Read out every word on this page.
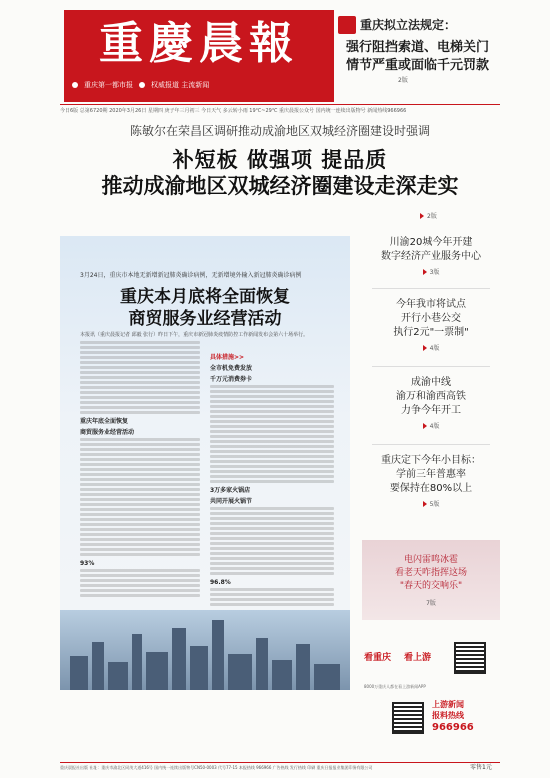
重慶晨報
重庆第一都市报	权威报道 主流新闻
重庆拟立法规定：
强行阻挡索道、电梯关门
情节严重或面临千元罚款
2版
今日6版 总第6720期 2020年3月26日 星期四 庚子年三月初三 今日天气 多云转小雨 19℃~29℃ 重庆晨报公众号 国内统一连续出版物号 新闻热线966966
陈敏尔在荣昌区调研推动成渝地区双城经济圈建设时强调
补短板 做强项 提品质
推动成渝地区双城经济圈建设走深走实
2版
3月24日，重庆市本地无新增新冠肺炎确诊病例，无新增境外输入新冠肺炎确诊病例
重庆本月底将全面恢复
商贸服务业经营活动
本报讯（重庆晨报记者 邱毅 张行）昨日下午，重庆市新冠肺炎疫情防控工作新闻发布会第六十场举行。
重庆年底全面恢复
商贸服务业经营活动
93%
具体措施>>
全市机免费发放
千万元消费券卡
3万多家火锅店
共同开展火锅节
96.8%
川渝20城今年开建
数字经济产业服务中心
3版
今年我市将试点
开行小巷公交
执行2元"一票制"
4版
成渝中线
渝万和渝西高铁
力争今年开工
4版
重庆定下今年小目标：
学前三年普惠率
要保持在80%以上
5版
电闪雷鸣冰雹
看老天咋指挥这场
"春天的交响乐"
7版
看重庆 看上游
8000万重庆人都在看上游新闻APP
上游新闻
报料热线
966966
重庆晨报社出版 社址：重庆市渝北区同茂大道416号 国内统一连续出版物号CN50-0003 代号77-15 本报热线 966966 广告热线 发行热线 印刷 重庆日报报业集团印务有限公司	零售1元
